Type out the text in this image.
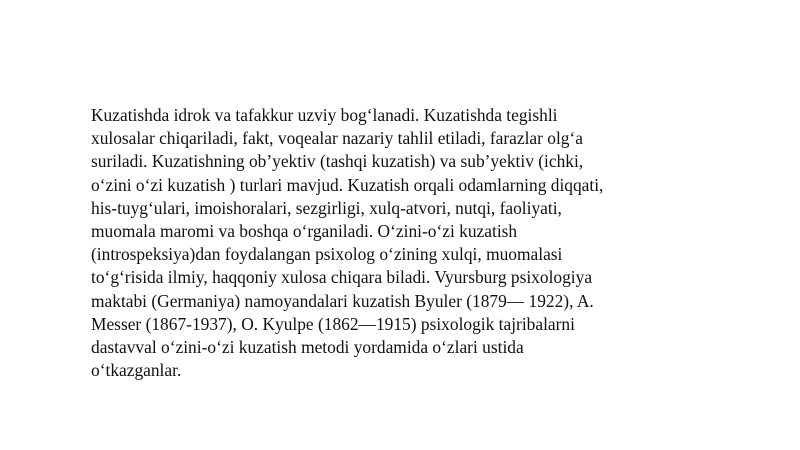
Kuzatishda idrok va tafakkur uzviy bog‘lanadi. Kuzatishda tegishli
xulosalar chiqariladi, fakt, voqealar nazariy tahlil etiladi, farazlar olg‘a
suriladi. Kuzatishning ob’yektiv (tashqi kuzatish) va sub’yektiv (ichki,
o‘zini o‘zi kuzatish ) turlari mavjud. Kuzatish orqali odamlarning diqqati,
his-tuyg‘ulari, imoishoralari, sezgirligi, xulq-atvori, nutqi, faoliyati,
muomala maromi va boshqa o‘rganiladi. O‘zini-o‘zi kuzatish
(introspeksiya)dan foydalangan psixolog o‘zining xulqi, muomalasi
to‘g‘risida ilmiy, haqqoniy xulosa chiqara biladi. Vyursburg psixologiya
maktabi (Germaniya) namoyandalari kuzatish Byuler (1879— 1922), A.
Messer (1867-1937), O. Kyulpe (1862—1915) psixologik tajribalarni
dastavval o‘zini-o‘zi kuzatish metodi yordamida o‘zlari ustida
o‘tkazganlar.
